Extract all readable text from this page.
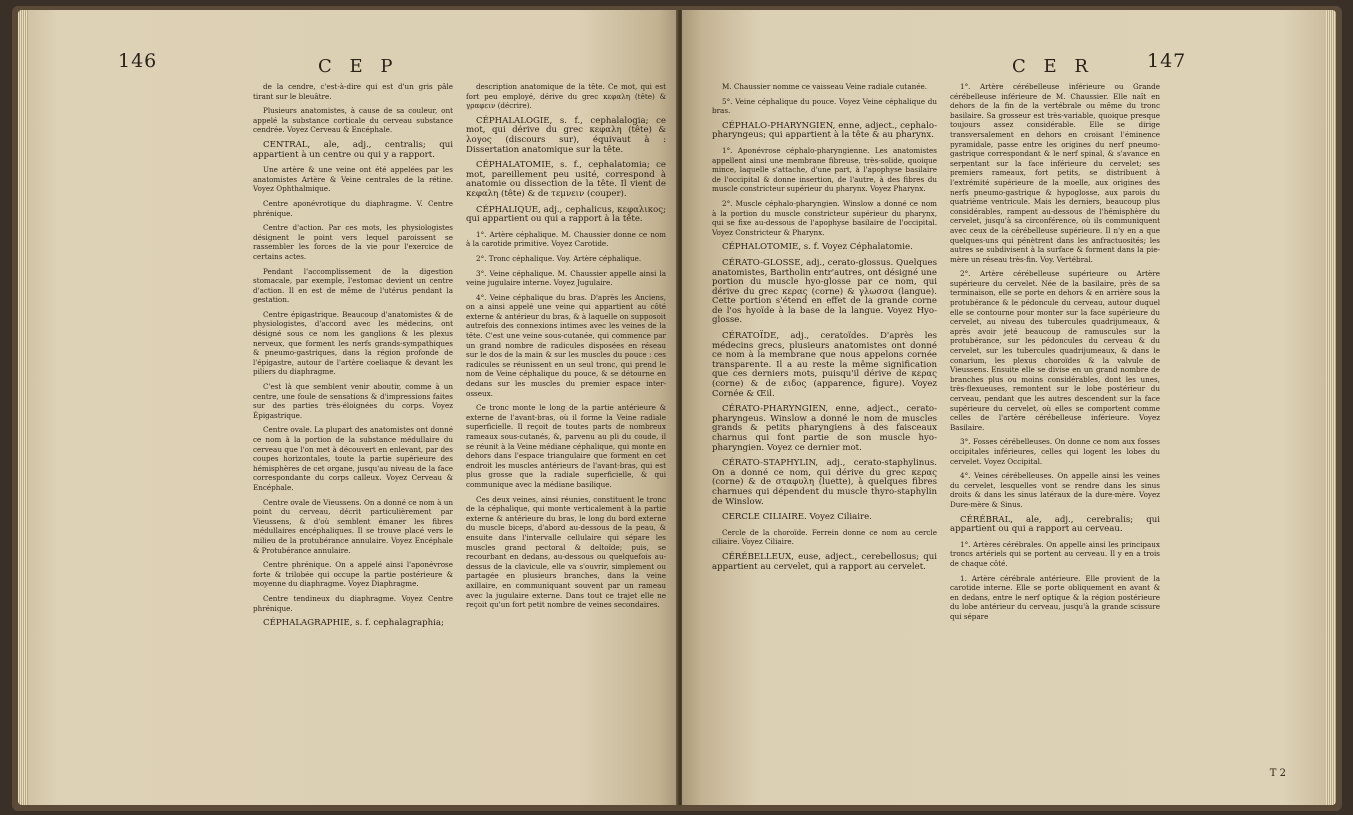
146	C E P

de la cendre, c'est-à-dire qui est d'un gris pâle tirant sur le bleuâtre.

Plusieurs anatomistes, à cause de sa couleur, ont appelé la substance corticale du cerveau substance cendrée. Voyez Cerveau & Encéphale.

CENTRAL, ale, adj., centralis; qui appartient à un centre ou qui y a rapport.

Une artère & une veine ont été appelées par les anatomistes Artère & Veine centrales de la rétine. Voyez Ophthalmique.

Centre aponévrotique du diaphragme. V. Centre phrénique.

Centre d'action. Par ces mots, les physiologistes désignent le point vers lequel paroissent se rassembler les forces de la vie pour l'exercice de certains actes.

Pendant l'accomplissement de la digestion stomacale, par exemple, l'estomac devient un centre d'action. Il en est de même de l'utérus pendant la gestation.

Centre épigastrique. Beaucoup d'anatomistes & de physiologistes, d'accord avec les médecins, ont désigné sous ce nom les ganglions & les plexus nerveux, que forment les nerfs grands-sympathiques & pneumo-gastriques, dans la région profonde de l'épigastre, autour de l'artère coeliaque & devant les piliers du diaphragme.

C'est là que semblent venir aboutir, comme à un centre, une foule de sensations & d'impressions faites sur des parties très-éloignées du corps. Voyez Épigastrique.

Centre ovale. La plupart des anatomistes ont donné ce nom à la portion de la substance médullaire du cerveau que l'on met à découvert en enlevant, par des coupes horizontales, toute la partie supérieure des hémisphères de cet organe, jusqu'au niveau de la face correspondante du corps calleux. Voyez Cerveau & Encéphale.

Centre ovale de Vieussens. On a donné ce nom à un point du cerveau, décrit particulièrement par Vieussens, & d'où semblent émaner les fibres médullaires encéphaliques. Il se trouve placé vers le milieu de la protubérance annulaire. Voyez Encéphale & Protubérance annulaire.

Centre phrénique. On a appelé ainsi l'aponévrose forte & trilobée qui occupe la partie postérieure & moyenne du diaphragme. Voyez Diaphragme.

Centre tendineux du diaphragme. Voyez Centre phrénique.

CÉPHALAGRAPHIE, s. f. cephalagraphia;

description anatomique de la tête. Ce mot, qui est fort peu employé, dérive du grec κεφαλη (tête) & γραφειν (décrire).

CÉPHALALOGIE, s. f., cephalalogia; ce mot, qui dérive du grec κεφαλη (tête) & λογος (discours sur), équivaut à : Dissertation anatomique sur la tête.

CÉPHALATOMIE, s. f., cephalatomia; ce mot, pareillement peu usité, correspond à anatomie ou dissection de la tête. Il vient de κεφαλη (tête) & de τεμνειν (couper).

CÉPHALIQUE, adj., cephalicus, κεφαλικος; qui appartient ou qui a rapport à la tête.

1°. Artère céphalique. M. Chaussier donne ce nom à la carotide primitive. Voyez Carotide.

2°. Tronc céphalique. Voy. Artère céphalique.

3°. Veine céphalique. M. Chaussier appelle ainsi la veine jugulaire interne. Voyez Jugulaire.

4°. Veine céphalique du bras. D'après les Anciens, on a ainsi appelé une veine qui appartient au côté externe & antérieur du bras, & à laquelle on supposoit autrefois des connexions intimes avec les veines de la tête. C'est une veine sous-cutanée, qui commence par un grand nombre de radicules disposées en réseau sur le dos de la main & sur les muscles du pouce : ces radicules se réunissent en un seul tronc, qui prend le nom de Veine céphalique du pouce, & se détourne en dedans sur les muscles du premier espace inter-osseux.

Ce tronc monte le long de la partie antérieure & externe de l'avant-bras, où il forme la Veine radiale superficielle. Il reçoit de toutes parts de nombreux rameaux sous-cutanés, &, parvenu au pli du coude, il se réunit à la Veine médiane céphalique, qui monte en dehors dans l'espace triangulaire que forment en cet endroit les muscles antérieurs de l'avant-bras, qui est plus grosse que la radiale superficielle, & qui communique avec la médiane basilique.

Ces deux veines, ainsi réunies, constituent le tronc de la céphalique, qui monte verticalement à la partie externe & antérieure du bras, le long du bord externe du muscle biceps, d'abord au-dessous de la peau, & ensuite dans l'intervalle cellulaire qui sépare les muscles grand pectoral & deltoïde; puis, se recourbant en dedans, au-dessous ou quelquefois au-dessus de la clavicule, elle va s'ouvrir, simplement ou partagée en plusieurs branches, dans la veine axillaire, en communiquant souvent par un rameau avec la jugulaire externe. Dans tout ce trajet elle ne reçoit qu'un fort petit nombre de veines secondaires.

C E R	147

M. Chaussier nomme ce vaisseau Veine radiale cutanée.

5°. Veine céphalique du pouce. Voyez Veine céphalique du bras.

CÉPHALO-PHARYNGIEN, enne, adject., cephalo-pharyngeus; qui appartient à la tête & au pharynx.

1°. Aponévrose céphalo-pharyngienne. Les anatomistes appellent ainsi une membrane fibreuse, très-solide, quoique mince, laquelle s'attache, d'une part, à l'apophyse basilaire de l'occipital & donne insertion, de l'autre, à des fibres du muscle constricteur supérieur du pharynx. Voyez Pharynx.

2°. Muscle céphalo-pharyngien. Winslow a donné ce nom à la portion du muscle constricteur supérieur du pharynx, qui se fixe au-dessous de l'apophyse basilaire de l'occipital. Voyez Constricteur & Pharynx.

CÉPHALOTOMIE, s. f. Voyez Céphalatomie.

CÉRATO-GLOSSE, adj., cerato-glossus. Quelques anatomistes, Bartholin entr'autres, ont désigné une portion du muscle hyo-glosse par ce nom, qui dérive du grec κερας (corne) & γλωσσα (langue). Cette portion s'étend en effet de la grande corne de l'os hyoïde à la base de la langue. Voyez Hyo-glosse.

CÉRATOÏDE, adj., ceratoïdes. D'après les médecins grecs, plusieurs anatomistes ont donné ce nom à la membrane que nous appelons cornée transparente. Il a au reste la même signification que ces derniers mots, puisqu'il dérive de κερας (corne) & de ειδος (apparence, figure). Voyez Cornée & Œil.

CÉRATO-PHARYNGIEN, enne, adject., cerato-pharyngeus. Winslow a donné le nom de muscles grands & petits pharyngiens à des faisceaux charnus qui font partie de son muscle hyo-pharyngien. Voyez ce dernier mot.

CÉRATO-STAPHYLIN, adj., cerato-staphylinus. On a donné ce nom, qui dérive du grec κερας (corne) & de σταφυλη (luette), à quelques fibres charnues qui dépendent du muscle thyro-staphylin de Winslow.

CERCLE CILIAIRE. Voyez Ciliaire.

Cercle de la choroïde. Ferrein donne ce nom au cercle ciliaire. Voyez Ciliaire.

CÉRÉBELLEUX, euse, adject., cerebellosus; qui appartient au cervelet, qui a rapport au cervelet.

1°. Artère cérébelleuse inférieure ou Grande cérébelleuse inférieure de M. Chaussier. Elle naît en dehors de la fin de la vertébrale ou même du tronc basilaire. Sa grosseur est très-variable, quoique presque toujours assez considérable. Elle se dirige transversalement en dehors en croisant l'éminence pyramidale, passe entre les origines du nerf pneumo-gastrique correspondant & le nerf spinal, & s'avance en serpentant sur la face inférieure du cervelet; ses premiers rameaux, fort petits, se distribuent à l'extrémité supérieure de la moelle, aux origines des nerfs pneumo-gastrique & hypoglosse, aux parois du quatrième ventricule. Mais les derniers, beaucoup plus considérables, rampent au-dessous de l'hémisphère du cervelet, jusqu'à sa circonférence, où ils communiquent avec ceux de la cérébelleuse supérieure. Il n'y en a que quelques-uns qui pénètrent dans les anfractuosités; les autres se subdivisent à la surface & forment dans la pie-mère un réseau très-fin. Voy. Vertébral.

2°. Artère cérébelleuse supérieure ou Artère supérieure du cervelet. Née de la basilaire, près de sa terminaison, elle se porte en dehors & en arrière sous la protubérance & le pédoncule du cerveau, autour duquel elle se contourne pour monter sur la face supérieure du cervelet, au niveau des tubercules quadrijumeaux, & après avoir jeté beaucoup de ramuscules sur la protubérance, sur les pédoncules du cerveau & du cervelet, sur les tubercules quadrijumeaux, & dans le conarium, les plexus choroïdes & la valvule de Vieussens. Ensuite elle se divise en un grand nombre de branches plus ou moins considérables, dont les unes, très-flexueuses, remontent sur le lobe postérieur du cerveau, pendant que les autres descendent sur la face supérieure du cervelet, où elles se comportent comme celles de l'artère cérébelleuse inférieure. Voyez Basilaire.

3°. Fosses cérébelleuses. On donne ce nom aux fosses occipitales inférieures, celles qui logent les lobes du cervelet. Voyez Occipital.

4°. Veines cérébelleuses. On appelle ainsi les veines du cervelet, lesquelles vont se rendre dans les sinus droits & dans les sinus latéraux de la dure-mère. Voyez Dure-mère & Sinus.

CÉRÉBRAL, ale, adj., cerebralis; qui appartient ou qui a rapport au cerveau.

1°. Artères cérébrales. On appelle ainsi les principaux troncs artériels qui se portent au cerveau. Il y en a trois de chaque côté.

1. Artère cérébrale antérieure. Elle provient de la carotide interne. Elle se porte obliquement en avant & en dedans, entre le nerf optique & la région postérieure du lobe antérieur du cerveau, jusqu'à la grande scissure qui sépare

T 2
